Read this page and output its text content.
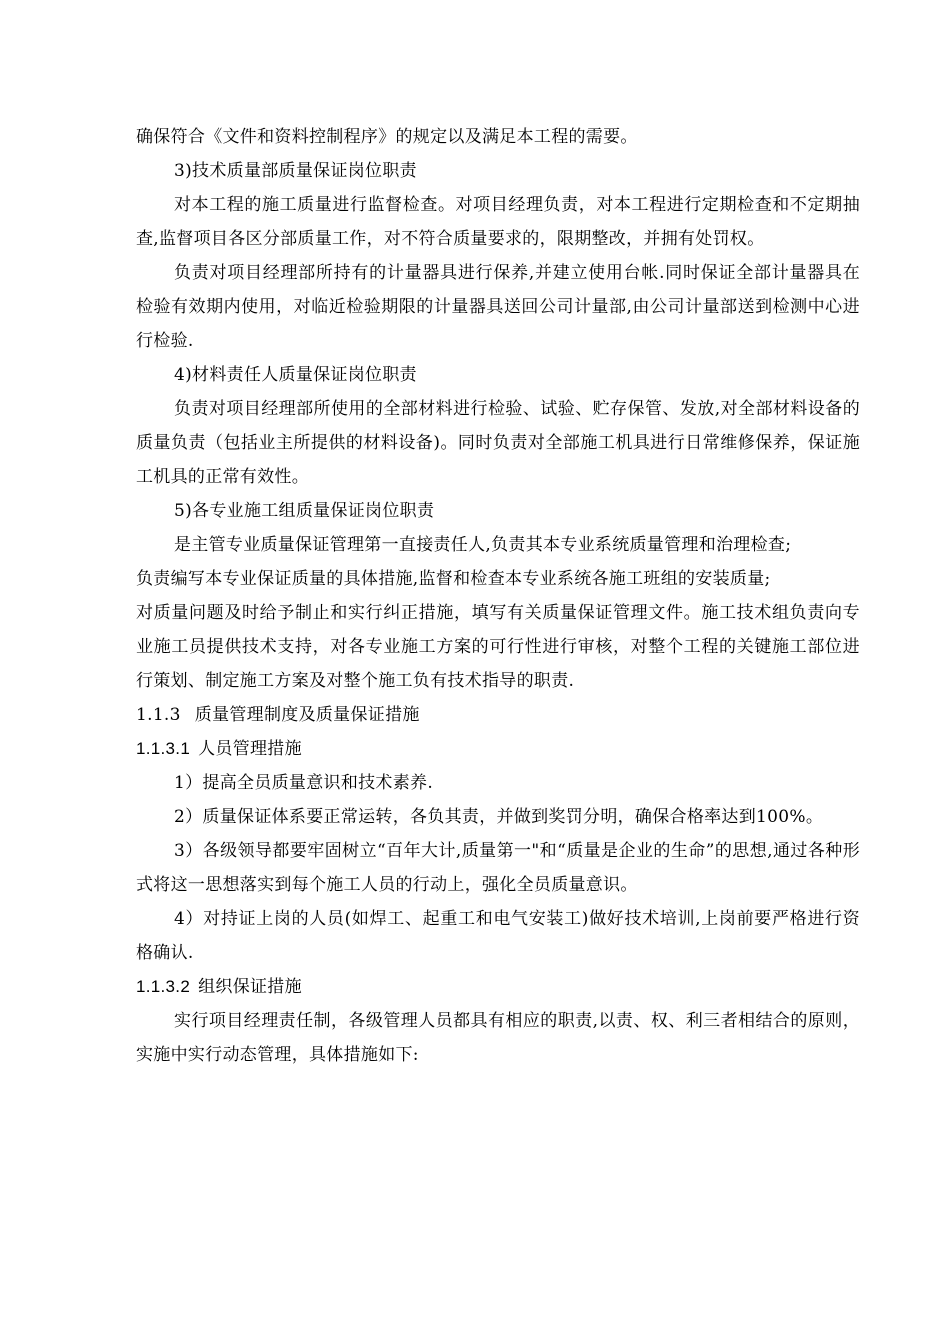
确保符合《文件和资料控制程序》的规定以及满足本工程的需要。

3)技术质量部质量保证岗位职责

对本工程的施工质量进行监督检查。对项目经理负责，对本工程进行定期检查和不定期抽查,监督项目各区分部质量工作，对不符合质量要求的，限期整改，并拥有处罚权。

负责对项目经理部所持有的计量器具进行保养,并建立使用台帐.同时保证全部计量器具在检验有效期内使用，对临近检验期限的计量器具送回公司计量部,由公司计量部送到检测中心进行检验.

4)材料责任人质量保证岗位职责

负责对项目经理部所使用的全部材料进行检验、试验、贮存保管、发放,对全部材料设备的质量负责（包括业主所提供的材料设备)。同时负责对全部施工机具进行日常维修保养，保证施工机具的正常有效性。

5)各专业施工组质量保证岗位职责

是主管专业质量保证管理第一直接责任人,负责其本专业系统质量管理和治理检查;

负责编写本专业保证质量的具体措施,监督和检查本专业系统各施工班组的安装质量;

对质量问题及时给予制止和实行纠正措施，填写有关质量保证管理文件。施工技术组负责向专业施工员提供技术支持，对各专业施工方案的可行性进行审核，对整个工程的关键施工部位进行策划、制定施工方案及对整个施工负有技术指导的职责.

1.1.3 质量管理制度及质量保证措施

1.1.3.1 人员管理措施

1）提高全员质量意识和技术素养.

2）质量保证体系要正常运转，各负其责，并做到奖罚分明，确保合格率达到100%。

3）各级领导都要牢固树立“百年大计,质量第一"和“质量是企业的生命”的思想,通过各种形式将这一思想落实到每个施工人员的行动上，强化全员质量意识。

4）对持证上岗的人员(如焊工、起重工和电气安装工)做好技术培训,上岗前要严格进行资格确认.

1.1.3.2 组织保证措施

实行项目经理责任制，各级管理人员都具有相应的职责,以责、权、利三者相结合的原则，实施中实行动态管理，具体措施如下:
